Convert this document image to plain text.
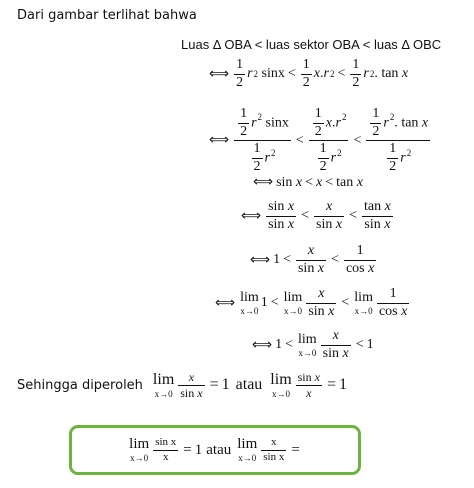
Dari gambar terlihat bahwa
Luas Δ OBA < luas sektor OBA < luas Δ OBC
⟺ $\frac{1}{2}$ r 2
$\sin x < \frac{1}{2}$ x . r $2 < \frac{1}{2}$ r 2 .
tan
x
⟺ $\frac{\frac{1}{2} r^2 \sin x}{\frac{1}{2} r^2} < \frac{\frac{1}{2} x.r^2}{\frac{1}{2} r^2} < \frac{\frac{1}{2} r^2. \tan x}{\frac{1}{2} r^2}$
⟺ sin
x < x < tan
x
⟺ $\frac{\text{sin x}}{\text{sin x}} < \frac{x}{\text{sin x}} < \frac{\text{tan x}}{\text{sin x}}$
⟺ $1 < \frac{x}{\text{sin x}} < \frac{1}{\text{cos x}}$
⟺ lim
x→0
1 < lim
$x\to 0 \frac{x}{\text{sin x}} < \lim$
$x\to 0 \frac{1}{\text{cos x}}$
⟺ 1 < lim
$x\to 0 \frac{x}{\text{sin x}} < 1$
Sehingga diperoleh lim
$x\to 0 \frac{x}{\text{sin x}} = 1$ atau lim
$x\to 0 \frac{\text{sin x}}{x} = 1$
lim
$x\to 0 \frac{\text{sin x}}{x} = 1$ atau lim
$x\to 0 \frac{x}{\text{sin x}}$ =
